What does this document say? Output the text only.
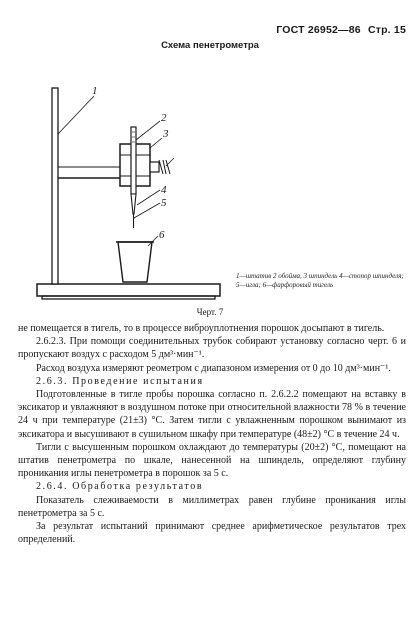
ГОСТ 26952—86 Стр. 15
Схема пенетрометра
1
2
3
4
5
6
1—штатив 2 обойма, 3 шпиндель 4—стопор шпинделя; 5—игла; 6—фарфоровый тигель
Черт. 7

не помещается в тигель, то в процессе виброуплотнения порошок досыпают в тигель.

2.6.2.3. При помощи соединительных трубок собирают установку согласно черт. 6 и пропускают воздух с расходом 5 дм³·мин⁻¹.

Расход воздуха измеряют реометром с диапазоном измерения от 0 до 10 дм³·мин⁻¹.

2.6.3. Проведение испытания

Подготовленные в тигле пробы порошка согласно п. 2.6.2.2 помещают на вставку в эксикатор и увлажняют в воздушном потоке при относительной влажности 78 % в течение 24 ч при температуре (21±3) °С. Затем тигли с увлажненным порошком вынимают из эксикатора и высушивают в сушильном шкафу при температуре (48±2) °С в течение 24 ч.

Тигли с высушенным порошком охлаждают до температуры (20±2) °С, помещают на штатив пенетрометра по шкале, нанесенной на шпиндель, определяют глубину проникания иглы пенетрометра в порошок за 5 с.

2.6.4. Обработка результатов

Показатель слеживаемости в миллиметрах равен глубине проникания иглы пенетрометра за 5 с.

За результат испытаний принимают среднее арифметическое результатов трех определений.
